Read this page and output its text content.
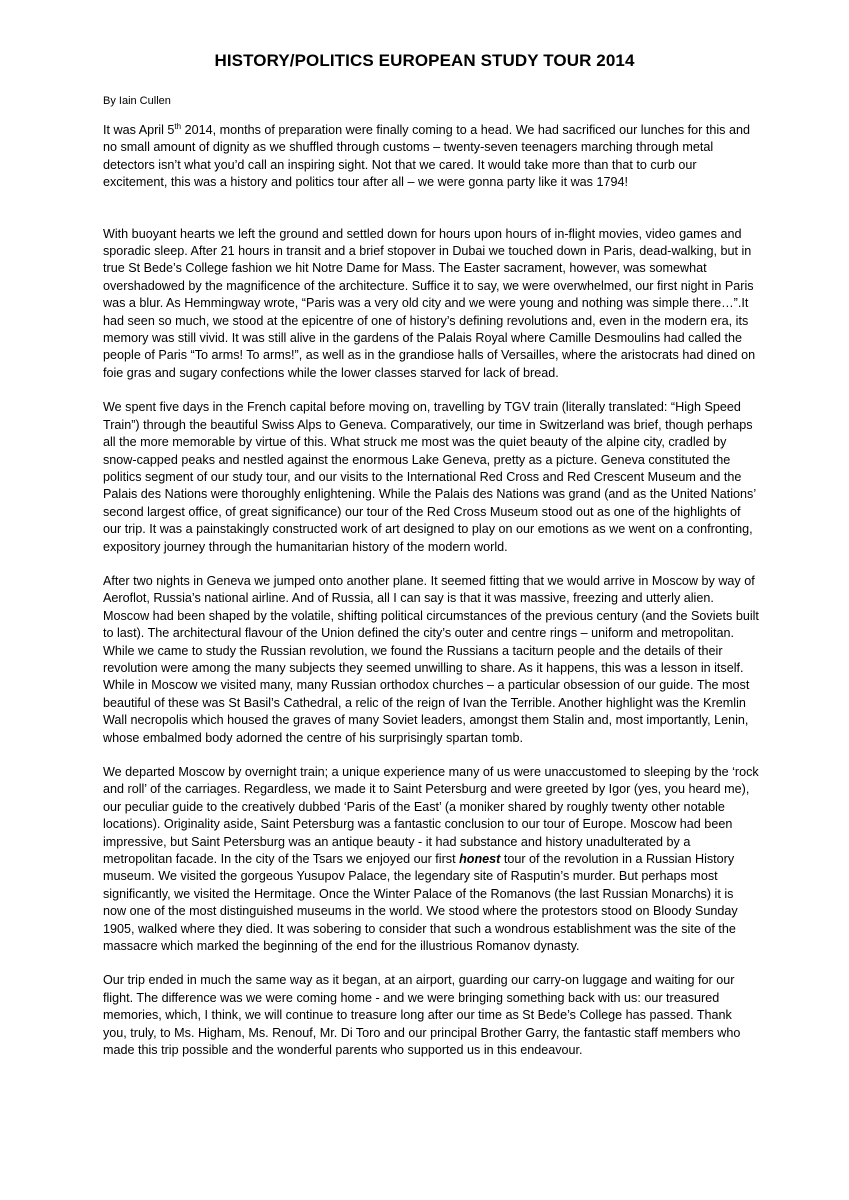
HISTORY/POLITICS EUROPEAN STUDY TOUR 2014
By Iain Cullen

It was April 5th 2014, months of preparation were finally coming to a head. We had sacrificed our lunches for this and no small amount of dignity as we shuffled through customs – twenty-seven teenagers marching through metal detectors isn’t what you’d call an inspiring sight. Not that we cared. It would take more than that to curb our excitement, this was a history and politics tour after all – we were gonna party like it was 1794!

With buoyant hearts we left the ground and settled down for hours upon hours of in-flight movies, video games and sporadic sleep. After 21 hours in transit and a brief stopover in Dubai we touched down in Paris, dead-walking, but in true St Bede’s College fashion we hit Notre Dame for Mass. The Easter sacrament, however, was somewhat overshadowed by the magnificence of the architecture. Suffice it to say, we were overwhelmed, our first night in Paris was a blur. As Hemmingway wrote, “Paris was a very old city and we were young and nothing was simple there…”.It had seen so much, we stood at the epicentre of one of history’s defining revolutions and, even in the modern era, its memory was still vivid. It was still alive in the gardens of the Palais Royal where Camille Desmoulins had called the people of Paris “To arms! To arms!”, as well as in the grandiose halls of Versailles, where the aristocrats had dined on foie gras and sugary confections while the lower classes starved for lack of bread.

We spent five days in the French capital before moving on, travelling by TGV train (literally translated: “High Speed Train”) through the beautiful Swiss Alps to Geneva. Comparatively, our time in Switzerland was brief, though perhaps all the more memorable by virtue of this. What struck me most was the quiet beauty of the alpine city, cradled by snow-capped peaks and nestled against the enormous Lake Geneva, pretty as a picture. Geneva constituted the politics segment of our study tour, and our visits to the International Red Cross and Red Crescent Museum and the Palais des Nations were thoroughly enlightening. While the Palais des Nations was grand (and as the United Nations’ second largest office, of great significance) our tour of the Red Cross Museum stood out as one of the highlights of our trip. It was a painstakingly constructed work of art designed to play on our emotions as we went on a confronting, expository journey through the humanitarian history of the modern world.

After two nights in Geneva we jumped onto another plane. It seemed fitting that we would arrive in Moscow by way of Aeroflot, Russia’s national airline. And of Russia, all I can say is that it was massive, freezing and utterly alien. Moscow had been shaped by the volatile, shifting political circumstances of the previous century (and the Soviets built to last). The architectural flavour of the Union defined the city’s outer and centre rings – uniform and metropolitan. While we came to study the Russian revolution, we found the Russians a taciturn people and the details of their revolution were among the many subjects they seemed unwilling to share. As it happens, this was a lesson in itself. While in Moscow we visited many, many Russian orthodox churches – a particular obsession of our guide. The most beautiful of these was St Basil’s Cathedral, a relic of the reign of Ivan the Terrible. Another highlight was the Kremlin Wall necropolis which housed the graves of many Soviet leaders, amongst them Stalin and, most importantly, Lenin, whose embalmed body adorned the centre of his surprisingly spartan tomb.

We departed Moscow by overnight train; a unique experience many of us were unaccustomed to sleeping by the ‘rock and roll’ of the carriages. Regardless, we made it to Saint Petersburg and were greeted by Igor (yes, you heard me), our peculiar guide to the creatively dubbed ‘Paris of the East’ (a moniker shared by roughly twenty other notable locations). Originality aside, Saint Petersburg was a fantastic conclusion to our tour of Europe. Moscow had been impressive, but Saint Petersburg was an antique beauty - it had substance and history unadulterated by a metropolitan facade. In the city of the Tsars we enjoyed our first honest tour of the revolution in a Russian History museum. We visited the gorgeous Yusupov Palace, the legendary site of Rasputin’s murder. But perhaps most significantly, we visited the Hermitage. Once the Winter Palace of the Romanovs (the last Russian Monarchs) it is now one of the most distinguished museums in the world. We stood where the protestors stood on Bloody Sunday 1905, walked where they died. It was sobering to consider that such a wondrous establishment was the site of the massacre which marked the beginning of the end for the illustrious Romanov dynasty.

Our trip ended in much the same way as it began, at an airport, guarding our carry-on luggage and waiting for our flight. The difference was we were coming home - and we were bringing something back with us: our treasured memories, which, I think, we will continue to treasure long after our time as St Bede’s College has passed. Thank you, truly, to Ms. Higham, Ms. Renouf, Mr. Di Toro and our principal Brother Garry, the fantastic staff members who made this trip possible and the wonderful parents who supported us in this endeavour.
